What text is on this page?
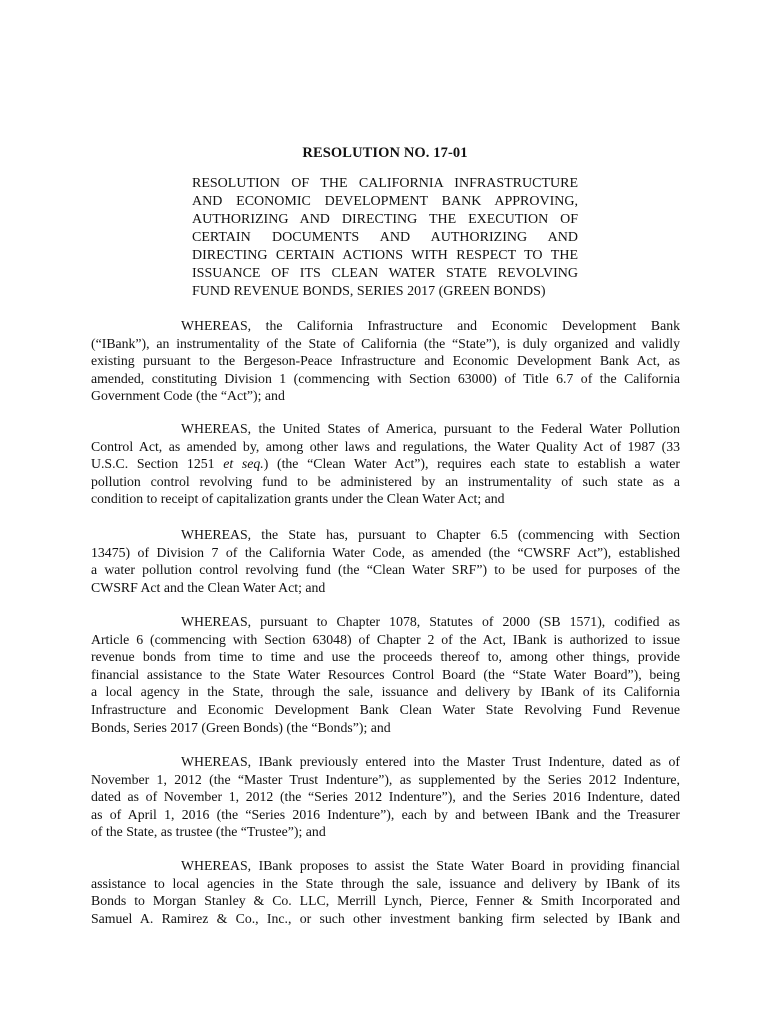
RESOLUTION NO. 17-01
RESOLUTION OF THE CALIFORNIA INFRASTRUCTURE
AND ECONOMIC DEVELOPMENT BANK APPROVING,
AUTHORIZING AND DIRECTING THE EXECUTION OF
CERTAIN DOCUMENTS AND AUTHORIZING AND
DIRECTING CERTAIN ACTIONS WITH RESPECT TO THE
ISSUANCE OF ITS CLEAN WATER STATE REVOLVING
FUND REVENUE BONDS, SERIES 2017 (GREEN BONDS)
WHEREAS, the California Infrastructure and Economic Development Bank
(“IBank”), an instrumentality of the State of California (the “State”), is duly organized and validly
existing pursuant to the Bergeson-Peace Infrastructure and Economic Development Bank Act, as
amended, constituting Division 1 (commencing with Section 63000) of Title 6.7 of the California
Government Code (the “Act”); and
WHEREAS, the United States of America, pursuant to the Federal Water Pollution
Control Act, as amended by, among other laws and regulations, the Water Quality Act of 1987 (33
U.S.C. Section 1251 et seq.) (the “Clean Water Act”), requires each state to establish a water
pollution control revolving fund to be administered by an instrumentality of such state as a
condition to receipt of capitalization grants under the Clean Water Act; and
WHEREAS, the State has, pursuant to Chapter 6.5 (commencing with Section
13475) of Division 7 of the California Water Code, as amended (the “CWSRF Act”), established
a water pollution control revolving fund (the “Clean Water SRF”) to be used for purposes of the
CWSRF Act and the Clean Water Act; and
WHEREAS, pursuant to Chapter 1078, Statutes of 2000 (SB 1571), codified as
Article 6 (commencing with Section 63048) of Chapter 2 of the Act, IBank is authorized to issue
revenue bonds from time to time and use the proceeds thereof to, among other things, provide
financial assistance to the State Water Resources Control Board (the “State Water Board”), being
a local agency in the State, through the sale, issuance and delivery by IBank of its California
Infrastructure and Economic Development Bank Clean Water State Revolving Fund Revenue
Bonds, Series 2017 (Green Bonds) (the “Bonds”); and
WHEREAS, IBank previously entered into the Master Trust Indenture, dated as of
November 1, 2012 (the “Master Trust Indenture”), as supplemented by the Series 2012 Indenture,
dated as of November 1, 2012 (the “Series 2012 Indenture”), and the Series 2016 Indenture, dated
as of April 1, 2016 (the “Series 2016 Indenture”), each by and between IBank and the Treasurer
of the State, as trustee (the “Trustee”); and
WHEREAS, IBank proposes to assist the State Water Board in providing financial
assistance to local agencies in the State through the sale, issuance and delivery by IBank of its
Bonds to Morgan Stanley & Co. LLC, Merrill Lynch, Pierce, Fenner & Smith Incorporated and
Samuel A. Ramirez & Co., Inc., or such other investment banking firm selected by IBank and
